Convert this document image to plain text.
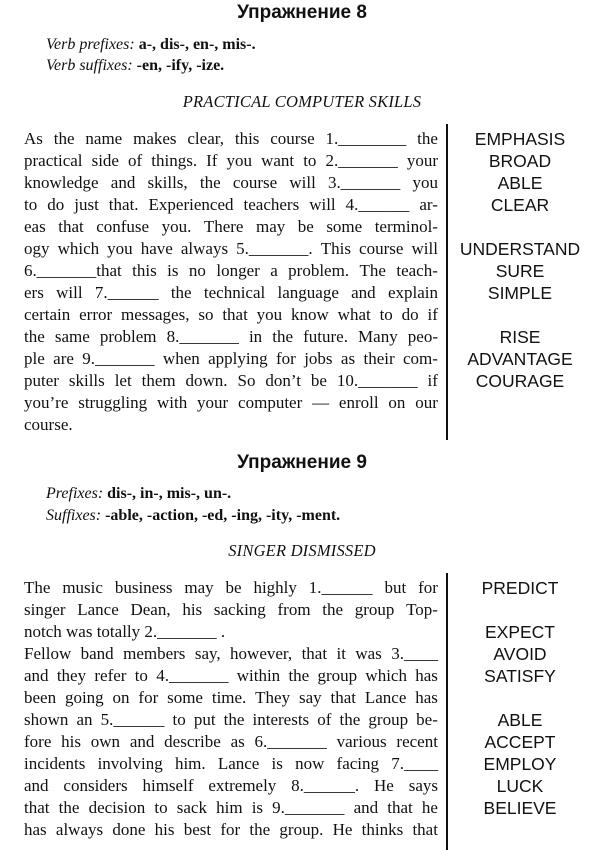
Упражнение 8
Verb prefixes: a-, dis-, en-, mis-.
Verb suffixes: -en, -ify, -ize.
PRACTICAL COMPUTER SKILLS
As the name makes clear, this course 1.________ the
practical side of things. If you want to 2._______ your
knowledge and skills, the course will 3._______ you
to do just that. Experienced teachers will 4.______ ar-
eas that confuse you. There may be some terminol-
ogy which you have always 5._______. This course will
6._______that this is no longer a problem. The teach-
ers will 7.______ the technical language and explain
certain error messages, so that you know what to do if
the same problem 8._______ in the future. Many peo-
ple are 9._______ when applying for jobs as their com-
puter skills let them down. So don’t be 10._______ if
you’re struggling with your computer — enroll on our
course.
EMPHASIS
BROAD
ABLE
CLEAR
UNDERSTAND
SURE
SIMPLE
RISE
ADVANTAGE
COURAGE
Упражнение 9
Prefixes: dis-, in-, mis-, un-.
Suffixes: -able, -action, -ed, -ing, -ity, -ment.
SINGER DISMISSED
The music business may be highly 1.______ but for
singer Lance Dean, his sacking from the group Top-
notch was totally 2._______ .
Fellow band members say, however, that it was 3.____
and they refer to 4._______ within the group which has
been going on for some time. They say that Lance has
shown an 5.______ to put the interests of the group be-
fore his own and describe as 6._______ various recent
incidents involving him. Lance is now facing 7.____
and considers himself extremely 8.______. He says
that the decision to sack him is 9._______ and that he
has always done his best for the group. He thinks that
PREDICT
EXPECT
AVOID
SATISFY
ABLE
ACCEPT
EMPLOY
LUCK
BELIEVE
